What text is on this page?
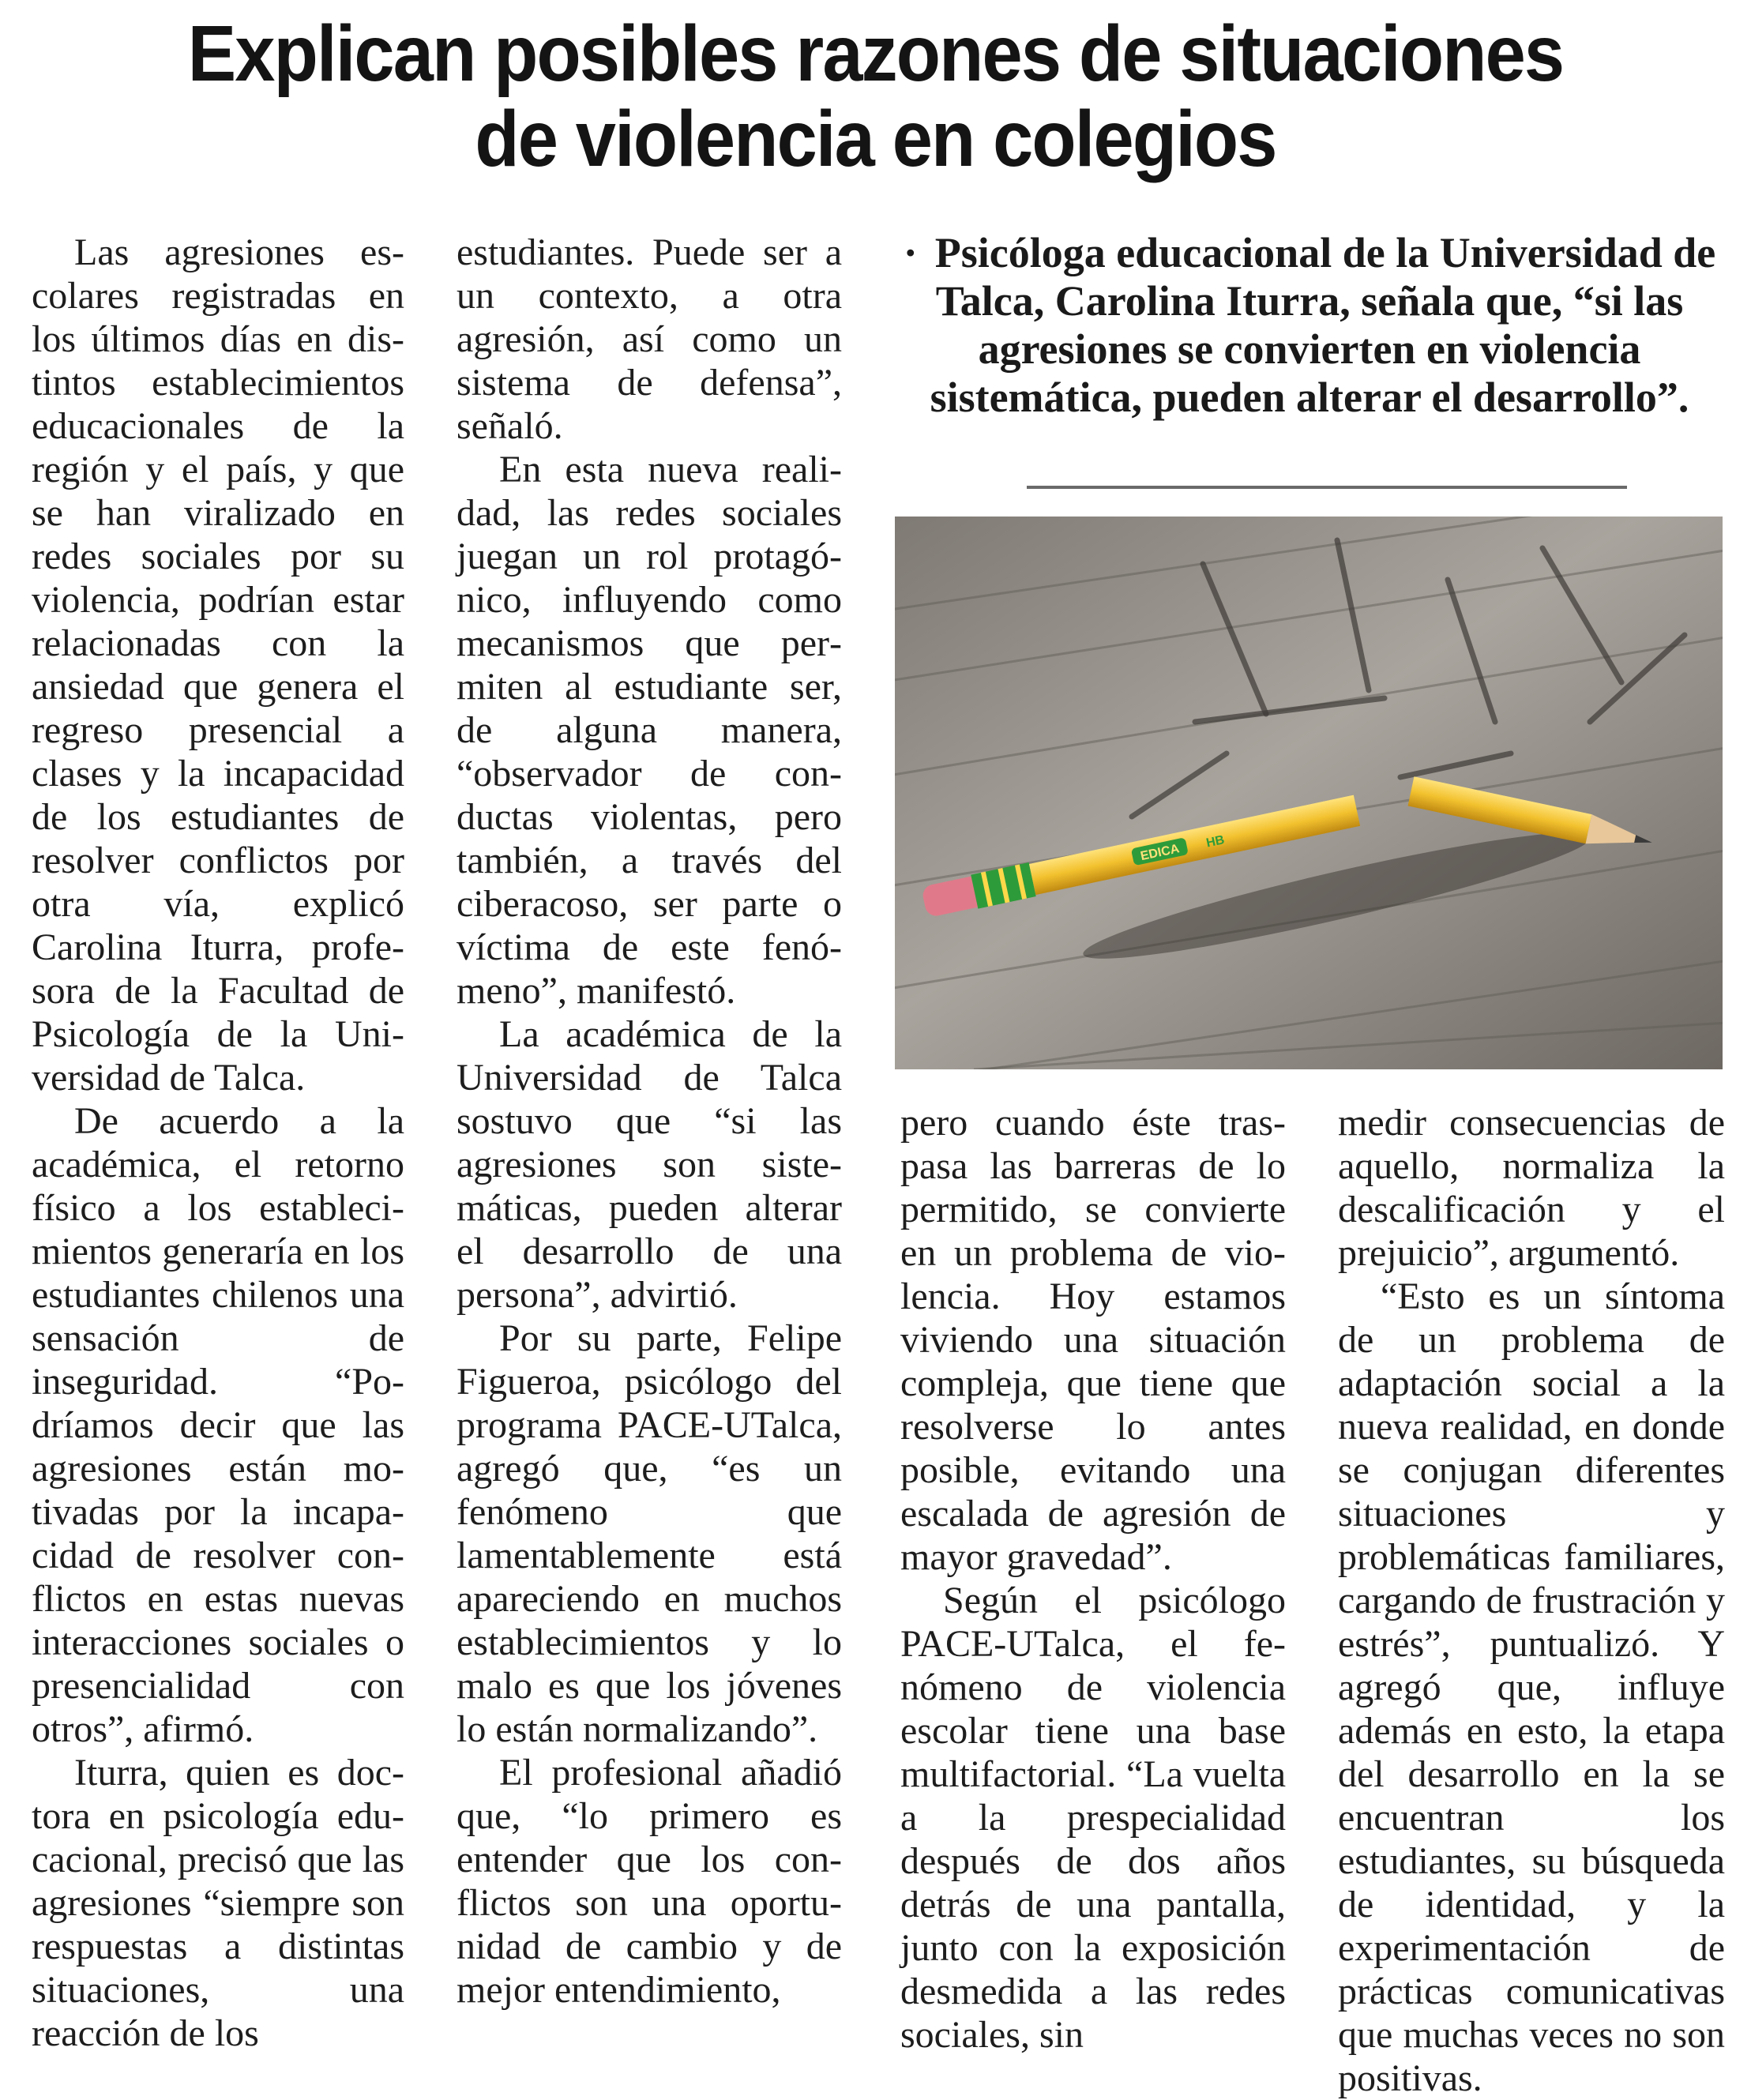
Explican posibles razones de situaciones
de violencia en colegios

Las agresiones escolares registradas en los últimos días en distintos establecimientos educacionales de la región y el país, y que se han viralizado en redes sociales por su violencia, podrían estar relacionadas con la ansiedad que genera el regreso presencial a clases y la incapacidad de los estudiantes de resolver conflictos por otra vía, explicó Carolina Iturra, profesora de la Facultad de Psicología de la Universidad de Talca.

De acuerdo a la académica, el retorno físico a los establecimientos generaría en los estudiantes chilenos una sensación de inseguridad. “Podríamos decir que las agresiones están motivadas por la incapacidad de resolver conflictos en estas nuevas interacciones sociales o presencialidad con otros”, afirmó.

Iturra, quien es doctora en psicología educacional, precisó que las agresiones “siempre son respuestas a distintas situaciones, una reacción de los

estudiantes. Puede ser a un contexto, a otra agresión, así como un sistema de defensa”, señaló.

En esta nueva realidad, las redes sociales juegan un rol protagónico, influyendo como mecanismos que permiten al estudiante ser, de alguna manera, “observador de conductas violentas, pero también, a través del ciberacoso, ser parte o víctima de este fenómeno”, manifestó.

La académica de la Universidad de Talca sostuvo que “si las agresiones son sistemáticas, pueden alterar el desarrollo de una persona”, advirtió.

Por su parte, Felipe Figueroa, psicólogo del programa PACE-UTalca, agregó que, “es un fenómeno que lamentablemente está apareciendo en muchos establecimientos y lo malo es que los jóvenes lo están normalizando”.

El profesional añadió que, “lo primero es entender que los conflictos son una oportunidad de cambio y de mejor entendimiento,

· Psicóloga educacional de la Universidad de Talca, Carolina Iturra, señala que, “si las agresiones se convierten en violencia sistemática, pueden alterar el desarrollo”.
EDICA
HB

pero cuando éste traspasa las barreras de lo permitido, se convierte en un problema de violencia. Hoy estamos viviendo una situación compleja, que tiene que resolverse lo antes posible, evitando una escalada de agresión de mayor gravedad”.

Según el psicólogo PACE-UTalca, el fenómeno de violencia escolar tiene una base multifactorial. “La vuelta a la prespecialidad después de dos años detrás de una pantalla, junto con la exposición desmedida a las redes sociales, sin

medir consecuencias de aquello, normaliza la descalificación y el prejuicio”, argumentó.

“Esto es un síntoma de un problema de adaptación social a la nueva realidad, en donde se conjugan diferentes situaciones y problemáticas familiares, cargando de frustración y estrés”, puntualizó. Y agregó que, influye además en esto, la etapa del desarrollo en la se encuentran los estudiantes, su búsqueda de identidad, y la experimentación de prácticas comunicativas que muchas veces no son positivas.
